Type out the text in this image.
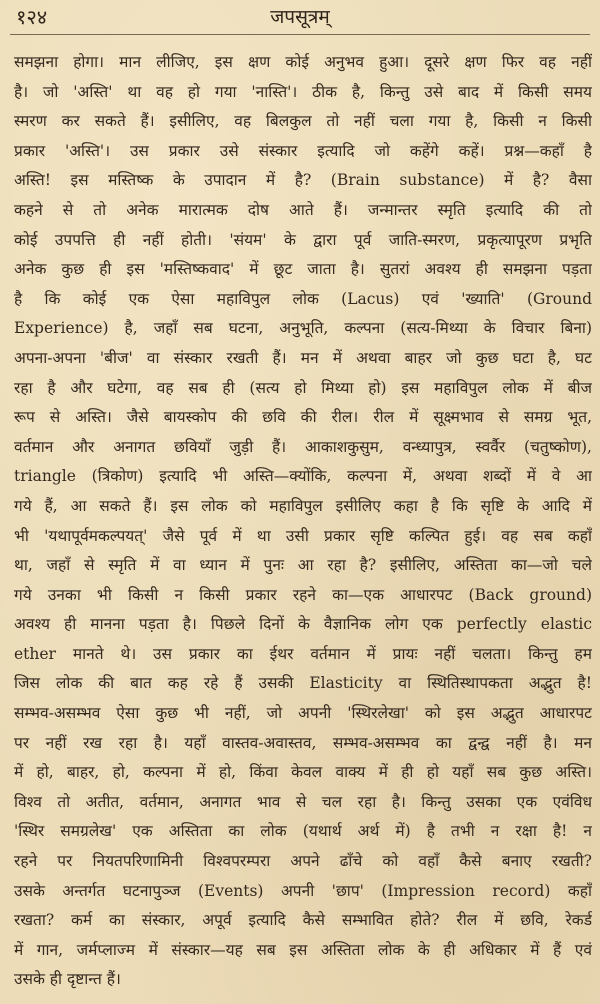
१२४	जपसूत्रम्
समझना होगा। मान लीजिए, इस क्षण कोई अनुभव हुआ। दूसरे क्षण फिर वह नहीं
है। जो 'अस्ति' था वह हो गया 'नास्ति'। ठीक है, किन्तु उसे बाद में किसी समय
स्मरण कर सकते हैं। इसीलिए, वह बिलकुल तो नहीं चला गया है, किसी न किसी
प्रकार 'अस्ति'। उस प्रकार उसे संस्कार इत्यादि जो कहेंगे कहें। प्रश्न—कहाँ है
अस्ति! इस मस्तिष्क के उपादान में है? (Brain substance) में है? वैसा
कहने से तो अनेक मारात्मक दोष आते हैं। जन्मान्तर स्मृति इत्यादि की तो
कोई उपपत्ति ही नहीं होती। 'संयम' के द्वारा पूर्व जाति-स्मरण, प्रकृत्यापूरण प्रभृति
अनेक कुछ ही इस 'मस्तिष्कवाद' में छूट जाता है। सुतरां अवश्य ही समझना पड़ता
है कि कोई एक ऐसा महाविपुल लोक (Lacus) एवं 'ख्याति' (Ground
Experience) है, जहाँ सब घटना, अनुभूति, कल्पना (सत्य-मिथ्या के विचार बिना)
अपना-अपना 'बीज' वा संस्कार रखती हैं। मन में अथवा बाहर जो कुछ घटा है, घट
रहा है और घटेगा, वह सब ही (सत्य हो मिथ्या हो) इस महाविपुल लोक में बीज
रूप से अस्ति। जैसे बायस्कोप की छवि की रील। रील में सूक्ष्मभाव से समग्र भूत,
वर्तमान और अनागत छवियाँ जुड़ी हैं। आकाशकुसुम, वन्ध्यापुत्र, स्वर्वैर (चतुष्कोण),
triangle (त्रिकोण) इत्यादि भी अस्ति—क्योंकि, कल्पना में, अथवा शब्दों में वे आ
गये हैं, आ सकते हैं। इस लोक को महाविपुल इसीलिए कहा है कि सृष्टि के आदि में
भी 'यथापूर्वमकल्पयत्' जैसे पूर्व में था उसी प्रकार सृष्टि कल्पित हुई। वह सब कहाँ
था, जहाँ से स्मृति में वा ध्यान में पुनः आ रहा है? इसीलिए, अस्तिता का—जो चले
गये उनका भी किसी न किसी प्रकार रहने का—एक आधारपट (Back ground)
अवश्य ही मानना पड़ता है। पिछले दिनों के वैज्ञानिक लोग एक perfectly elastic
ether मानते थे। उस प्रकार का ईथर वर्तमान में प्रायः नहीं चलता। किन्तु हम
जिस लोक की बात कह रहे हैं उसकी Elasticity वा स्थितिस्थापकता अद्भुत है!
सम्भव-असम्भव ऐसा कुछ भी नहीं, जो अपनी 'स्थिरलेखा' को इस अद्भुत आधारपट
पर नहीं रख रहा है। यहाँ वास्तव-अवास्तव, सम्भव-असम्भव का द्वन्द्व नहीं है। मन
में हो, बाहर, हो, कल्पना में हो, किंवा केवल वाक्य में ही हो यहाँ सब कुछ अस्ति।
विश्व तो अतीत, वर्तमान, अनागत भाव से चल रहा है। किन्तु उसका एक एवंविध
'स्थिर समग्रलेख' एक अस्तिता का लोक (यथार्थ अर्थ में) है तभी न रक्षा है! न
रहने पर नियतपरिणामिनी विश्वपरम्परा अपने ढाँचे को वहाँ कैसे बनाए रखती?
उसके अन्तर्गत घटनापुञ्ज (Events) अपनी 'छाप' (Impression record) कहाँ
रखता? कर्म का संस्कार, अपूर्व इत्यादि कैसे सम्भावित होते? रील में छवि, रेकर्ड
में गान, जर्मप्लाज्म में संस्कार—यह सब इस अस्तिता लोक के ही अधिकार में हैं एवं
उसके ही दृष्टान्त हैं।
